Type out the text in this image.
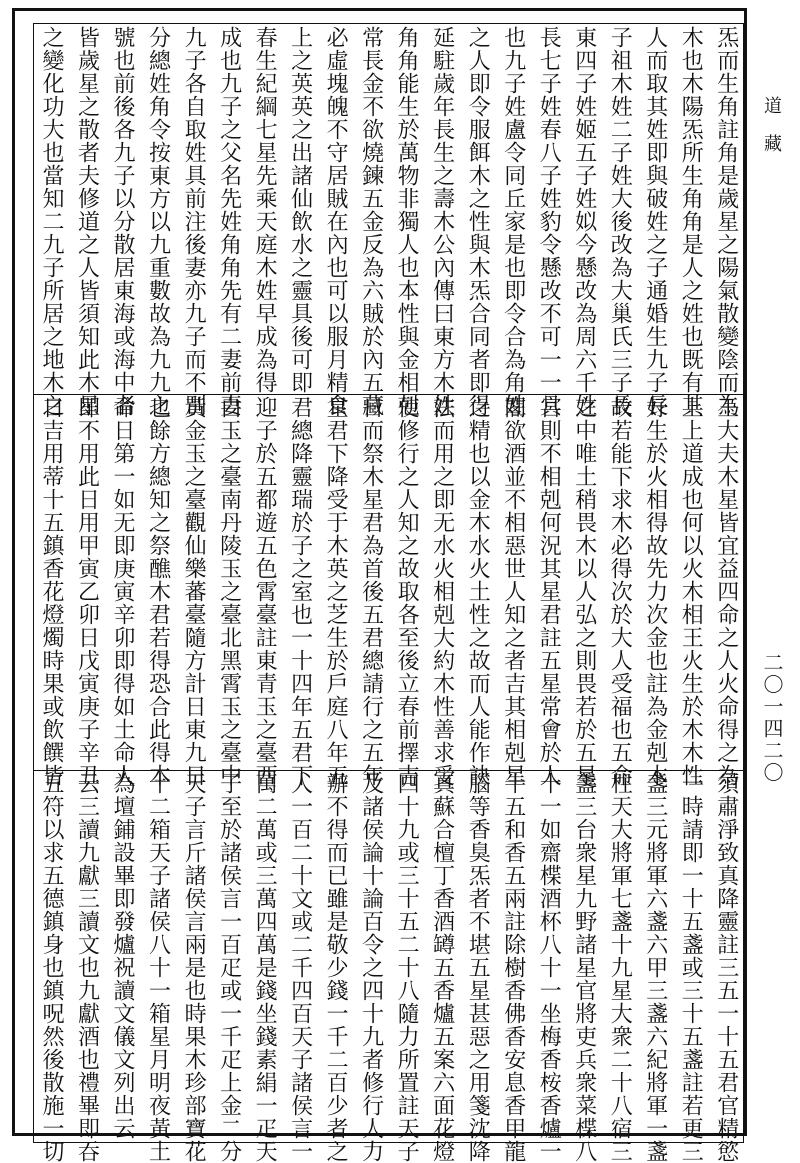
炁而生角註角是歲星之陽氣散變陰而為
木也木陽炁所生角角是人之姓也既有其
人而取其姓即與破姓之子通婚生九子長
子祖木姓二子姓大後改為大巢氏三子長
東四子姓姬五子姓姒今懸改為周六千姓
長七子姓春八子姓豹令懸改不可一一具
也九子姓盧令同丘家是也即令合為角姓
之人即令服餌木之性與木炁合同者即得
延駐歲年長生之壽木公內傳曰東方木姓
角角能生於萬物非獨人也本性與金相剋
常長金不欲燒鍊五金反為六賊於內五藏
必虛塊魄不守居賊在內也可以服月精食
上之英英之出諸仙飲水之靈具後可即
春生紀綱七星先乘天庭木姓早成為得
成也九子之父名先姓角角先有二妻前妻
九子各自取姓具前注後妻亦九子而不別
分總姓角令按東方以九重數故為九九之
號也前後各九子以分散居東海或海中者
皆歲星之散者夫修道之人皆須知此木星
之變化功大也當知二九子所居之地木之
王大夫木星皆宜益四命之人火命得之為
上上道成也何以火木相王火生於木木性
好生於火相得故先力次金也註為金剋木
故若能下求木必得次於大人受福也五命
之中唯土稍畏木以人弘之則畏若於五星
宮則不相剋何況其星君註五星常會於人
閣欲酒並不相惡世人知之者吉其相剋星
之精也以金木水火土性之故而人能作訣
法而用之即无水火相剋大約木性善求受
使修行之人知之故取各至後立春前擇吉
日而祭木星君為首後五君總請行之五年
星君下降受于木英之芝生於戶庭八年五
君總降靈瑞於子之室也一十四年五君下
迎子於五都遊五色霄臺註東青玉之臺西
白玉之臺南丹陵玉之臺北黑霄玉之臺中
黃金玉之臺觀仙樂蕃臺隨方計日東九日
也餘方總知之祭醮木君若得恐合此得本
命日第一如无即庚寅辛卯即得如土命人
即不用此日用甲寅乙卯日戊寅庚子辛丑
日吉用蒂十五鎮香花燈燭時果或飲饌皆
須肅淨致真降靈註三五一十五君官精慾
一時請即一十五盞或三十五盞註若更三
盞三元將軍六盞六甲三盞六紀將軍一盞
柱天大將軍七盞十九星大衆二十八宿三
盞三台衆星九野諸星官將吏兵衆菜楪八
十一如齋楪酒杯八十一坐梅香桉香爐一
十五和香五兩註除樹香佛香安息香甲龍
腦等香臭炁者不堪五星甚惡之用箋沈降
真蘇合檀丁香酒罇五香爐五案六面花燈
四十九或三十五二十八隨力所置註天子
及諸侯論十論百令之四十九者修行人力
辦不得而已雖是敬少錢一千二百少者之
人一百二十文或二千四百天子諸侯言一
萬二萬或三萬四萬是錢坐錢素絹一疋天
子至於諸侯言一百疋或一千疋上金二分
天子言斤諸侯言兩是也時果木珍部寶花
十二箱天子諸侯八十一箱星月明夜黃土
為壇鋪設畢即發爐祝讀文儀文列出云
云三讀九獻三讀文也九獻酒也禮畢即吞
五符以求五德鎮身也鎮呪然後散施一切
道藏
二〇一四二〇
